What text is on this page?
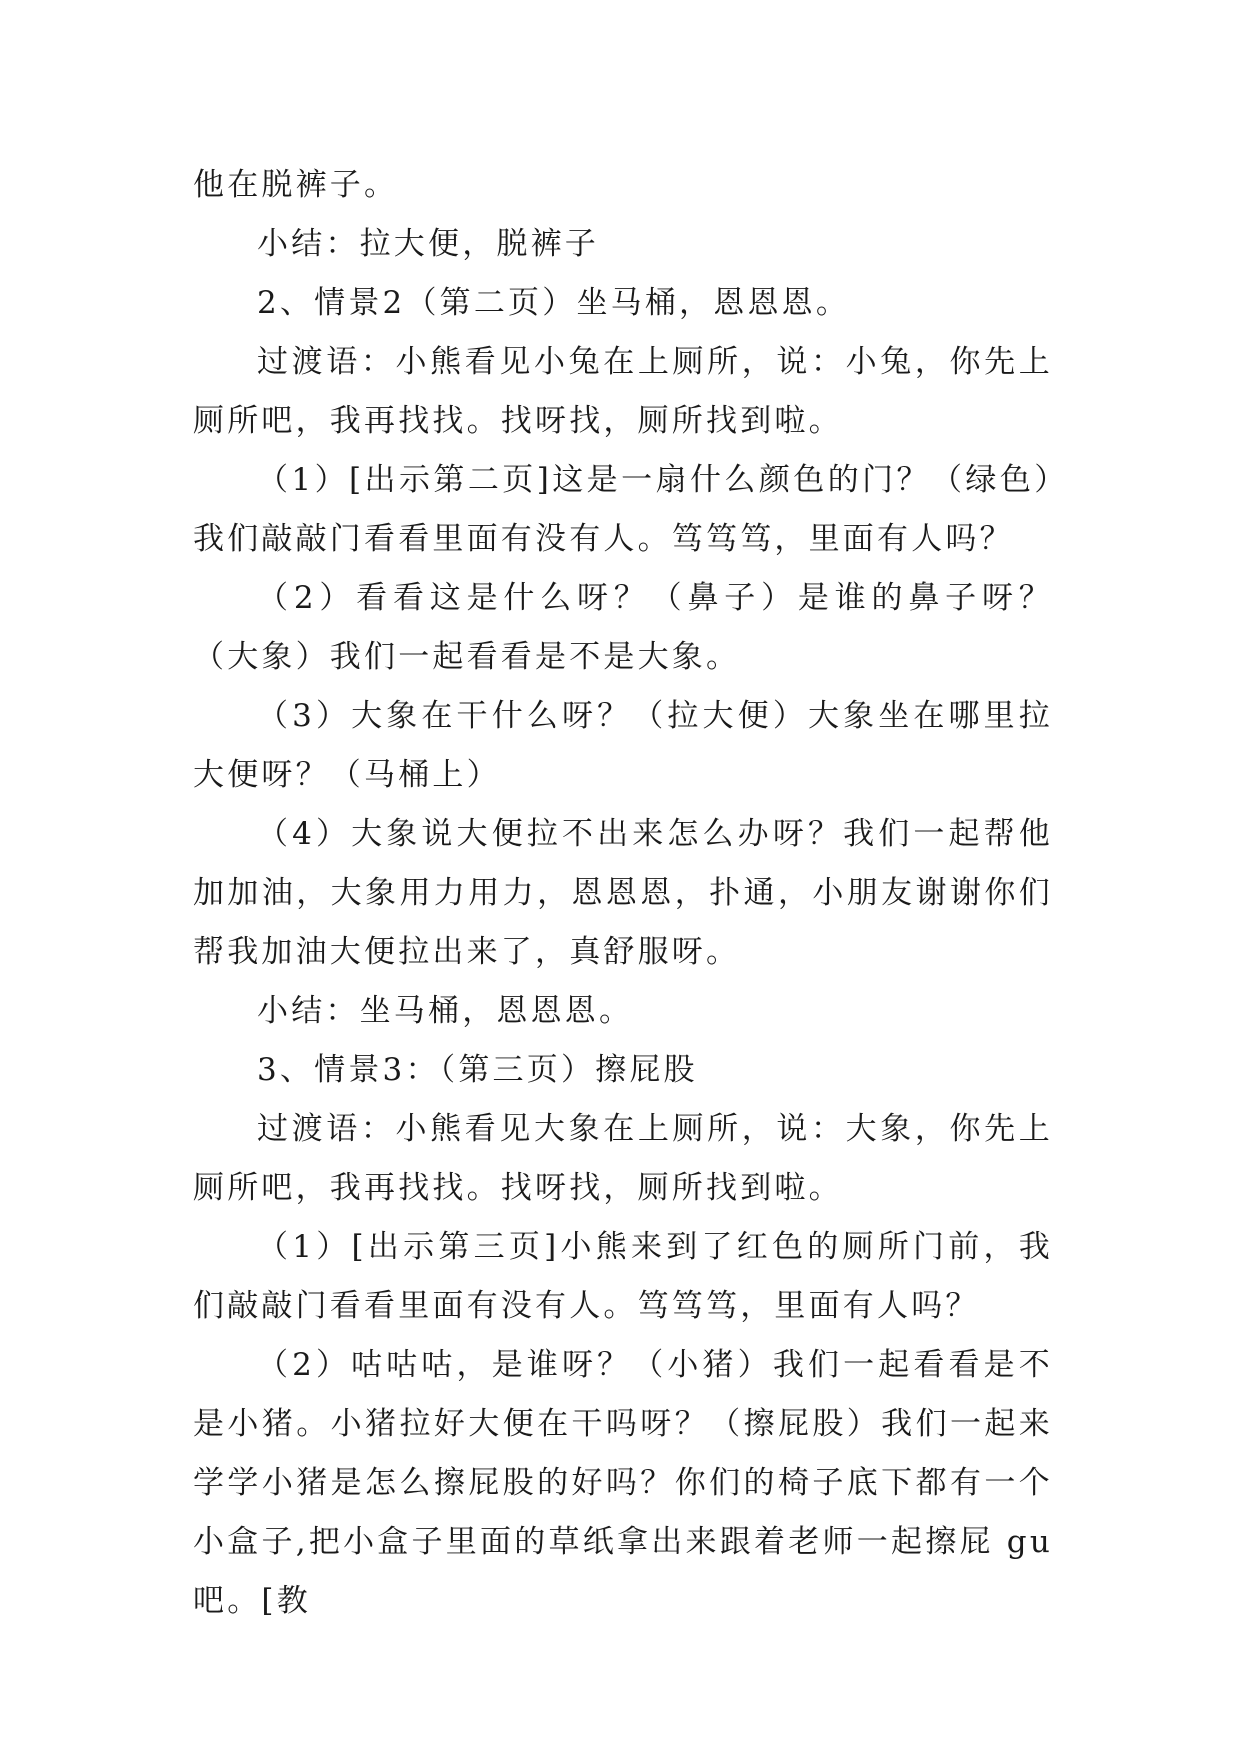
他在脱裤子。

小结：拉大便，脱裤子

2、情景2（第二页）坐马桶，恩恩恩。

过渡语：小熊看见小兔在上厕所，说：小兔，你先上厕所吧，我再找找。找呀找，厕所找到啦。

（1）[出示第二页]这是一扇什么颜色的门？（绿色）我们敲敲门看看里面有没有人。笃笃笃，里面有人吗？

（2）看看这是什么呀？（鼻子）是谁的鼻子呀？（大象）我们一起看看是不是大象。

（3）大象在干什么呀？（拉大便）大象坐在哪里拉大便呀？（马桶上）

（4）大象说大便拉不出来怎么办呀？我们一起帮他加加油，大象用力用力，恩恩恩，扑通，小朋友谢谢你们帮我加油大便拉出来了，真舒服呀。

小结：坐马桶，恩恩恩。

3、情景3：（第三页）擦屁股

过渡语：小熊看见大象在上厕所，说：大象，你先上厕所吧，我再找找。找呀找，厕所找到啦。

（1）[出示第三页]小熊来到了红色的厕所门前，我们敲敲门看看里面有没有人。笃笃笃，里面有人吗？

（2）咕咕咕，是谁呀？（小猪）我们一起看看是不是小猪。小猪拉好大便在干吗呀？（擦屁股）我们一起来学学小猪是怎么擦屁股的好吗？你们的椅子底下都有一个小盒子,把小盒子里面的草纸拿出来跟着老师一起擦屁 gu 吧。[教
